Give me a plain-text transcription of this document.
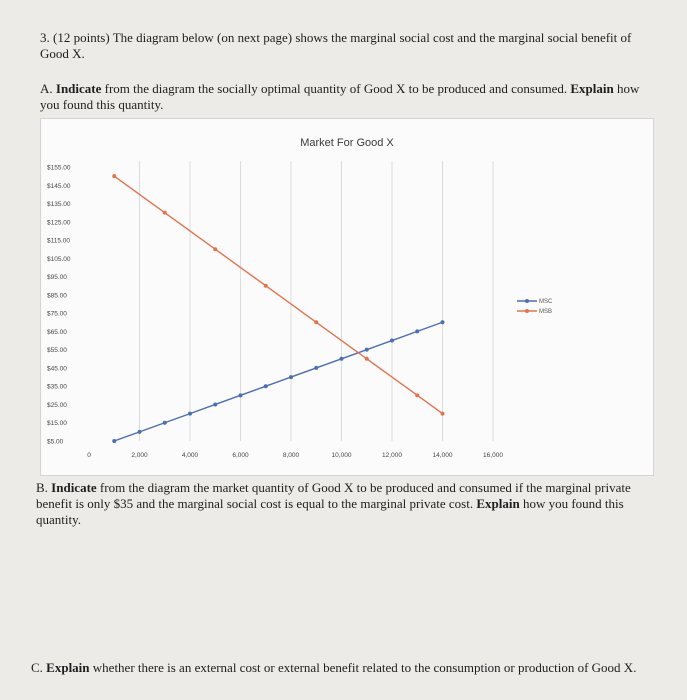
3. (12 points) The diagram below (on next page) shows the marginal social cost and the marginal social benefit of Good X.
A. Indicate from the diagram the socially optimal quantity of Good X to be produced and consumed. Explain how you found this quantity.
Market For Good X
0	2,000	4,000	6,000	8,000	10,000	12,000	14,000	16,000
$5.00
$15.00
$25.00
$35.00
$45.00
$55.00
$65.00
$75.00
$85.00
$95.00
$105.00
$115.00
$125.00
$135.00
$145.00
$155.00
MSC
MSB
B. Indicate from the diagram the market quantity of Good X to be produced and consumed if the marginal private benefit is only $35 and the marginal social cost is equal to the marginal private cost. Explain how you found this quantity.
C. Explain whether there is an external cost or external benefit related to the consumption or production of Good X.
